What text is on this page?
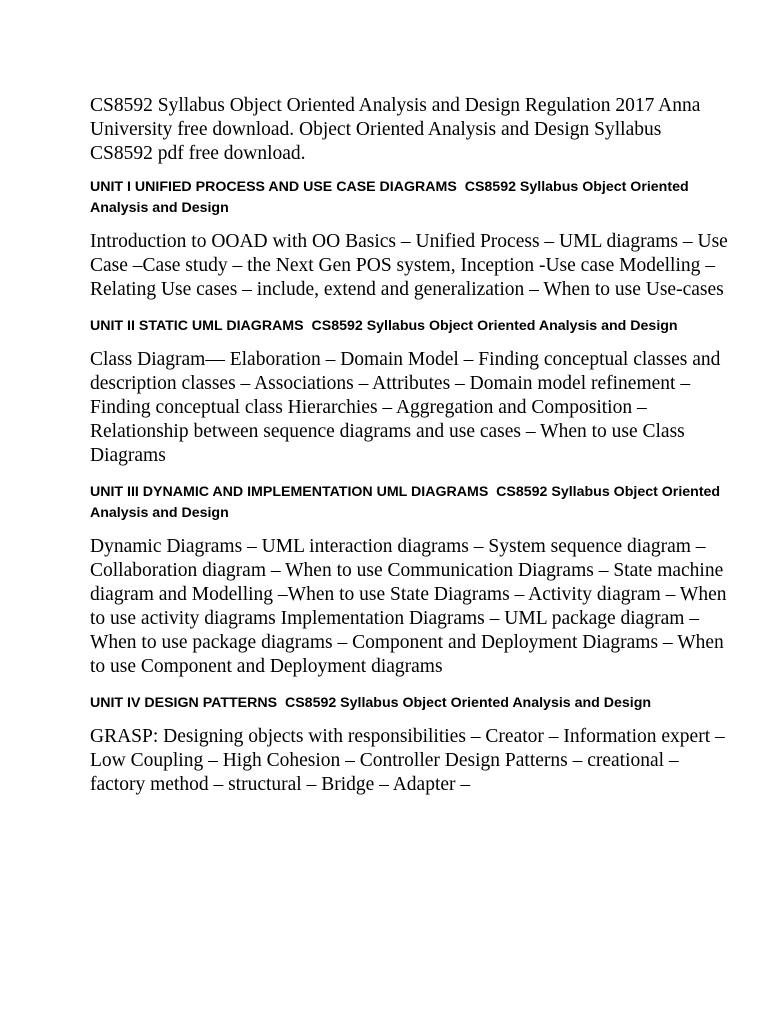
CS8592 Syllabus Object Oriented Analysis and Design Regulation 2017 Anna University free download. Object Oriented Analysis and Design Syllabus CS8592 pdf free download.

UNIT I UNIFIED PROCESS AND USE CASE DIAGRAMS CS8592 Syllabus Object Oriented Analysis and Design

Introduction to OOAD with OO Basics – Unified Process – UML diagrams – Use Case –Case study – the Next Gen POS system, Inception -Use case Modelling – Relating Use cases – include, extend and generalization – When to use Use-cases

UNIT II STATIC UML DIAGRAMS CS8592 Syllabus Object Oriented Analysis and Design

Class Diagram–– Elaboration – Domain Model – Finding conceptual classes and description classes – Associations – Attributes – Domain model refinement – Finding conceptual class Hierarchies – Aggregation and Composition – Relationship between sequence diagrams and use cases – When to use Class Diagrams

UNIT III DYNAMIC AND IMPLEMENTATION UML DIAGRAMS CS8592 Syllabus Object Oriented Analysis and Design

Dynamic Diagrams – UML interaction diagrams – System sequence diagram – Collaboration diagram – When to use Communication Diagrams – State machine diagram and Modelling –When to use State Diagrams – Activity diagram – When to use activity diagrams Implementation Diagrams – UML package diagram – When to use package diagrams – Component and Deployment Diagrams – When to use Component and Deployment diagrams

UNIT IV DESIGN PATTERNS CS8592 Syllabus Object Oriented Analysis and Design

GRASP: Designing objects with responsibilities – Creator – Information expert – Low Coupling – High Cohesion – Controller Design Patterns – creational – factory method – structural – Bridge – Adapter –
